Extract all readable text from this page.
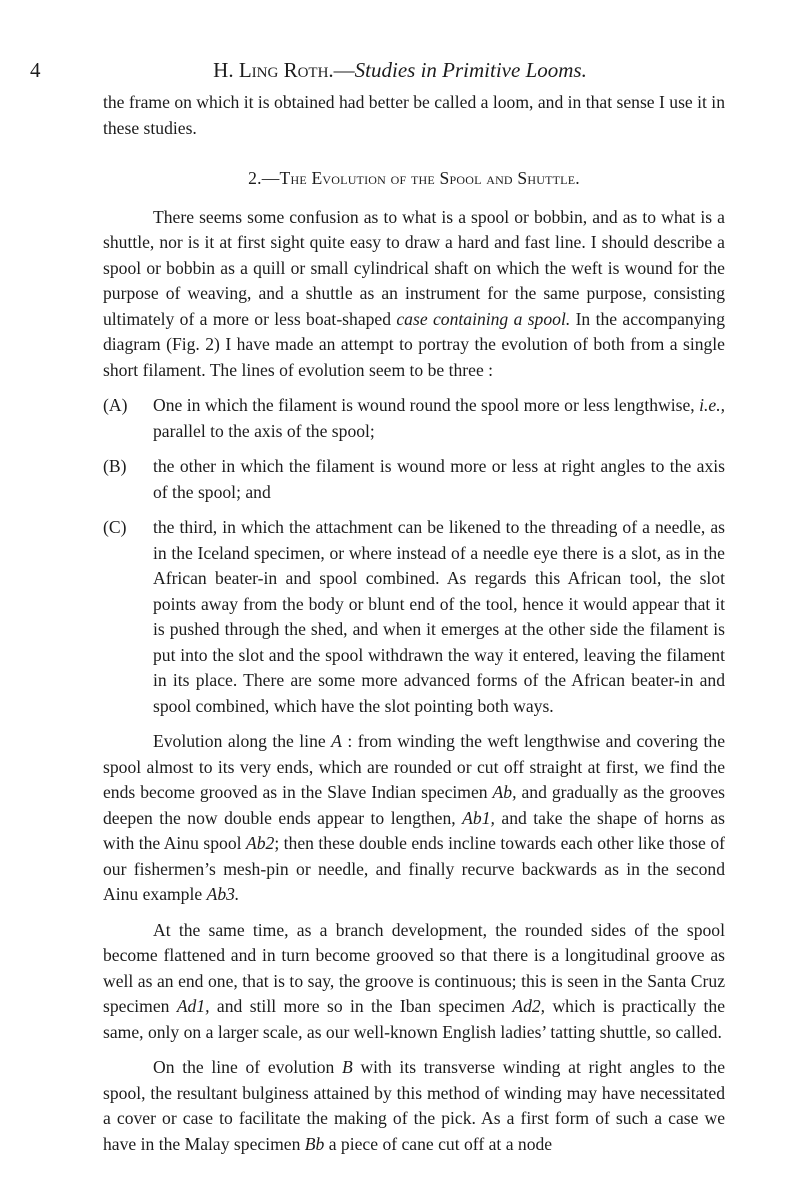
4	H. Ling Roth.—Studies in Primitive Looms.

the frame on which it is obtained had better be called a loom, and in that sense I use it in these studies.

2.—The Evolution of the Spool and Shuttle.

There seems some confusion as to what is a spool or bobbin, and as to what is a shuttle, nor is it at first sight quite easy to draw a hard and fast line. I should describe a spool or bobbin as a quill or small cylindrical shaft on which the weft is wound for the purpose of weaving, and a shuttle as an instrument for the same purpose, consisting ultimately of a more or less boat-shaped case containing a spool. In the accompanying diagram (Fig. 2) I have made an attempt to portray the evolution of both from a single short filament. The lines of evolution seem to be three :

(A) One in which the filament is wound round the spool more or less lengthwise, i.e., parallel to the axis of the spool;

(B) the other in which the filament is wound more or less at right angles to the axis of the spool; and

(C) the third, in which the attachment can be likened to the threading of a needle, as in the Iceland specimen, or where instead of a needle eye there is a slot, as in the African beater-in and spool combined. As regards this African tool, the slot points away from the body or blunt end of the tool, hence it would appear that it is pushed through the shed, and when it emerges at the other side the filament is put into the slot and the spool withdrawn the way it entered, leaving the filament in its place. There are some more advanced forms of the African beater-in and spool combined, which have the slot pointing both ways.

Evolution along the line A : from winding the weft lengthwise and covering the spool almost to its very ends, which are rounded or cut off straight at first, we find the ends become grooved as in the Slave Indian specimen Ab, and gradually as the grooves deepen the now double ends appear to lengthen, Ab1, and take the shape of horns as with the Ainu spool Ab2; then these double ends incline towards each other like those of our fishermen’s mesh-pin or needle, and finally recurve backwards as in the second Ainu example Ab3.

At the same time, as a branch development, the rounded sides of the spool become flattened and in turn become grooved so that there is a longitudinal groove as well as an end one, that is to say, the groove is continuous; this is seen in the Santa Cruz specimen Ad1, and still more so in the Iban specimen Ad2, which is practically the same, only on a larger scale, as our well-known English ladies’ tatting shuttle, so called.

On the line of evolution B with its transverse winding at right angles to the spool, the resultant bulginess attained by this method of winding may have necessitated a cover or case to facilitate the making of the pick. As a first form of such a case we have in the Malay specimen Bb a piece of cane cut off at a node
